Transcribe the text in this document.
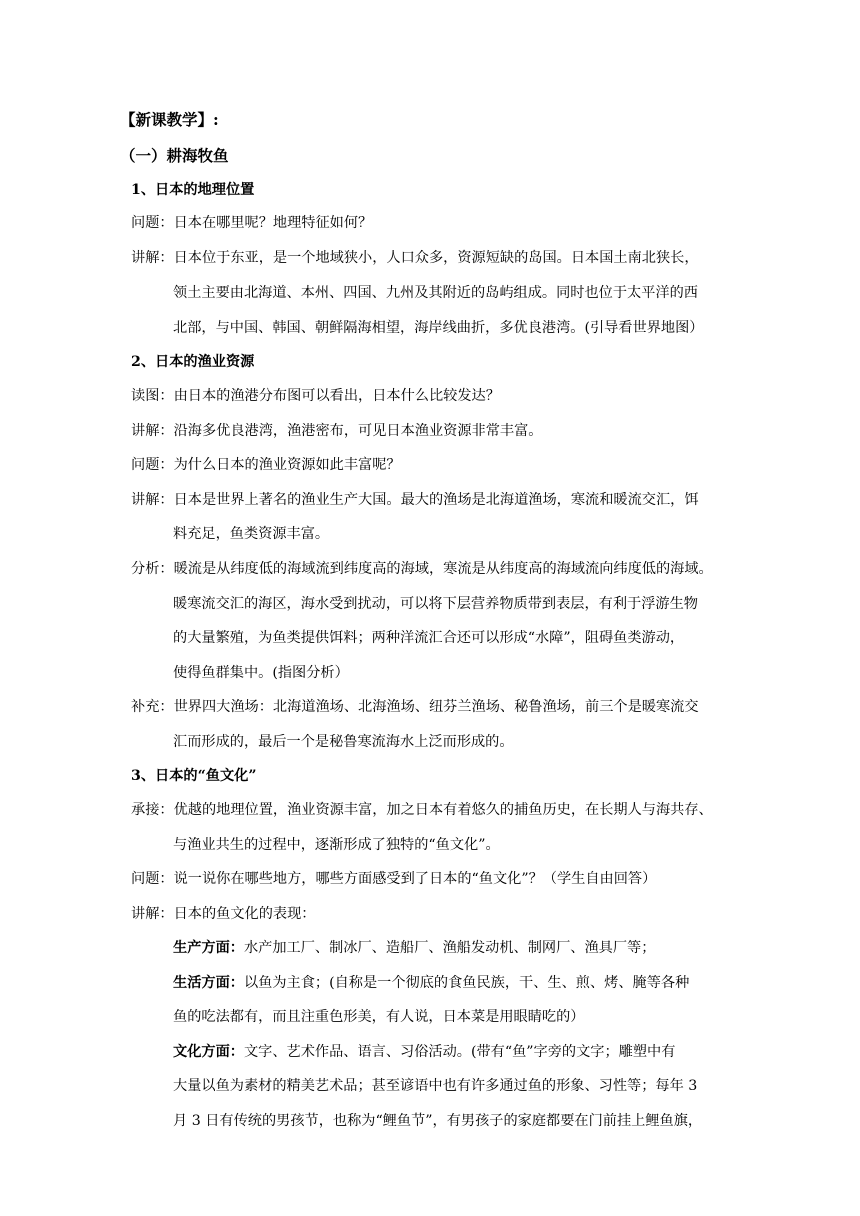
【新课教学】:
（一）耕海牧鱼
1、日本的地理位置
问题：日本在哪里呢？地理特征如何？
讲解：日本位于东亚，是一个地域狭小，人口众多，资源短缺的岛国。日本国土南北狭长，
领土主要由北海道、本州、四国、九州及其附近的岛屿组成。同时也位于太平洋的西
北部，与中国、韩国、朝鲜隔海相望，海岸线曲折，多优良港湾。(引导看世界地图）
2、日本的渔业资源
读图：由日本的渔港分布图可以看出，日本什么比较发达？
讲解：沿海多优良港湾，渔港密布，可见日本渔业资源非常丰富。
问题：为什么日本的渔业资源如此丰富呢？
讲解：日本是世界上著名的渔业生产大国。最大的渔场是北海道渔场，寒流和暖流交汇，饵
料充足，鱼类资源丰富。
分析：暖流是从纬度低的海域流到纬度高的海域，寒流是从纬度高的海域流向纬度低的海域。
暖寒流交汇的海区，海水受到扰动，可以将下层营养物质带到表层，有利于浮游生物
的大量繁殖，为鱼类提供饵料；两种洋流汇合还可以形成“水障”，阻碍鱼类游动，
使得鱼群集中。(指图分析）
补充：世界四大渔场：北海道渔场、北海渔场、纽芬兰渔场、秘鲁渔场，前三个是暖寒流交
汇而形成的，最后一个是秘鲁寒流海水上泛而形成的。
3、日本的“鱼文化”
承接：优越的地理位置，渔业资源丰富，加之日本有着悠久的捕鱼历史，在长期人与海共存、
与渔业共生的过程中，逐渐形成了独特的“鱼文化”。
问题：说一说你在哪些地方，哪些方面感受到了日本的“鱼文化”？（学生自由回答）
讲解：日本的鱼文化的表现：
生产方面：水产加工厂、制冰厂、造船厂、渔船发动机、制网厂、渔具厂等；
生活方面：以鱼为主食；(自称是一个彻底的食鱼民族，干、生、煎、烤、腌等各种
鱼的吃法都有，而且注重色形美，有人说，日本菜是用眼睛吃的）
文化方面：文字、艺术作品、语言、习俗活动。(带有“鱼”字旁的文字；雕塑中有
大量以鱼为素材的精美艺术品；甚至谚语中也有许多通过鱼的形象、习性等；每年 3
月 3 日有传统的男孩节，也称为“鲤鱼节”，有男孩子的家庭都要在门前挂上鲤鱼旗，
